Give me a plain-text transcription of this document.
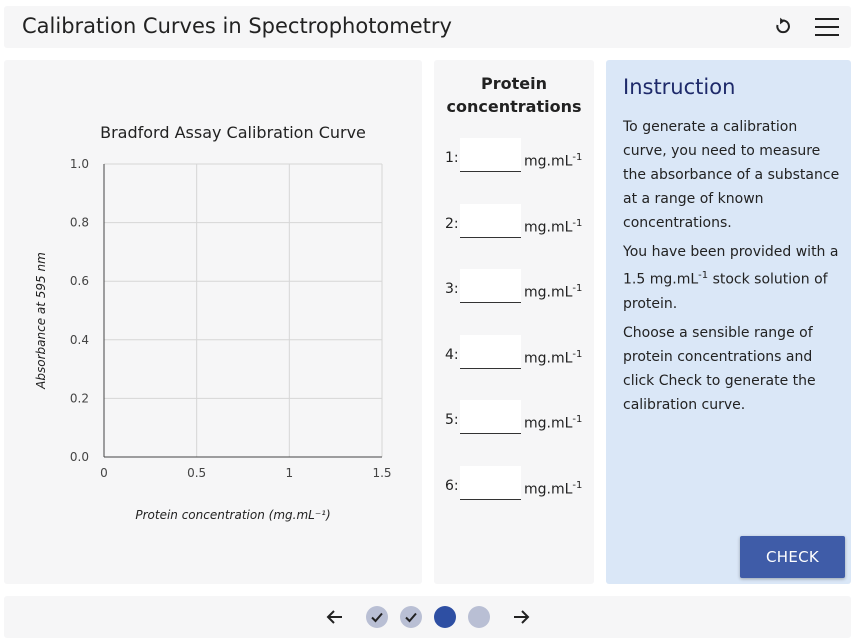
Calibration Curves in Spectrophotometry
0.0
0.2
0.4
0.6
0.8
1.0
0	0.5	1	1.5
Bradford Assay Calibration Curve
Protein concentration (mg.mL⁻¹)
Absorbance at 595 nm
Protein concentrations
1:	$mg.mL^{-1}$
2:	$mg.mL^{-1}$
3:	$mg.mL^{-1}$
4:	$mg.mL^{-1}$
5:	$mg.mL^{-1}$
6:	$mg.mL^{-1}$
Instruction

To generate a calibration curve, you need to measure the absorbance of a substance at a range of known concentrations.

You have been provided with a 1.5 $mg.mL^{-1}$ stock solution of protein.

Choose a sensible range of protein concentrations and click Check to generate the calibration curve.

CHECK
